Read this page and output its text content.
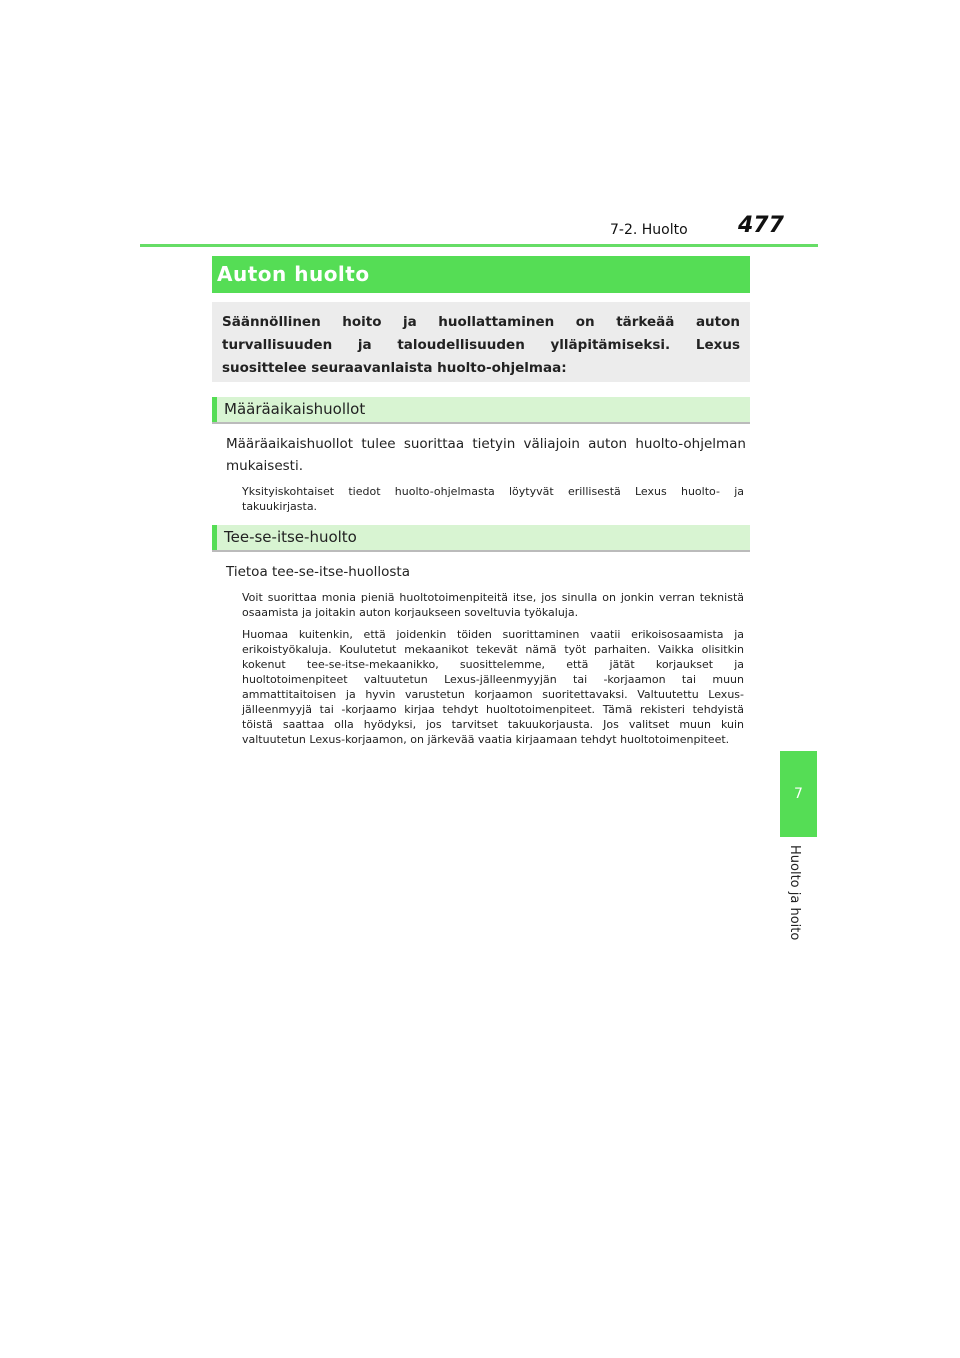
7-2. Huolto 477
7
Huolto ja hoito
Auton huolto
Säännöllinen hoito ja huollattaminen on tärkeää auton turvallisuuden ja taloudellisuuden ylläpitämiseksi. Lexus suosittelee seuraavanlaista huolto-ohjelmaa:
Määräaikaishuollot
Määräaikaishuollot tulee suorittaa tietyin väliajoin auton huolto-ohjelman mukaisesti.
Yksityiskohtaiset tiedot huolto-ohjelmasta löytyvät erillisestä Lexus huolto- ja takuukirjasta.
Tee-se-itse-huolto
Tietoa tee-se-itse-huollosta
Voit suorittaa monia pieniä huoltotoimenpiteitä itse, jos sinulla on jonkin verran teknistä osaamista ja joitakin auton korjaukseen soveltuvia työkaluja.
Huomaa kuitenkin, että joidenkin töiden suorittaminen vaatii erikoisosaamista ja erikoistyökaluja. Koulutetut mekaanikot tekevät nämä työt parhaiten. Vaikka olisitkin kokenut tee-se-itse-mekaanikko, suosittelemme, että jätät korjaukset ja huoltotoimenpiteet valtuutetun Lexus-jälleenmyyjän tai -korjaamon tai muun ammattitaitoisen ja hyvin varustetun korjaamon suoritettavaksi. Valtuutettu Lexus-jälleenmyyjä tai -korjaamo kirjaa tehdyt huoltotoimenpiteet. Tämä rekisteri tehdyistä töistä saattaa olla hyödyksi, jos tarvitset takuukorjausta. Jos valitset muun kuin valtuutetun Lexus-korjaamon, on järkevää vaatia kirjaamaan tehdyt huoltotoimenpiteet.
